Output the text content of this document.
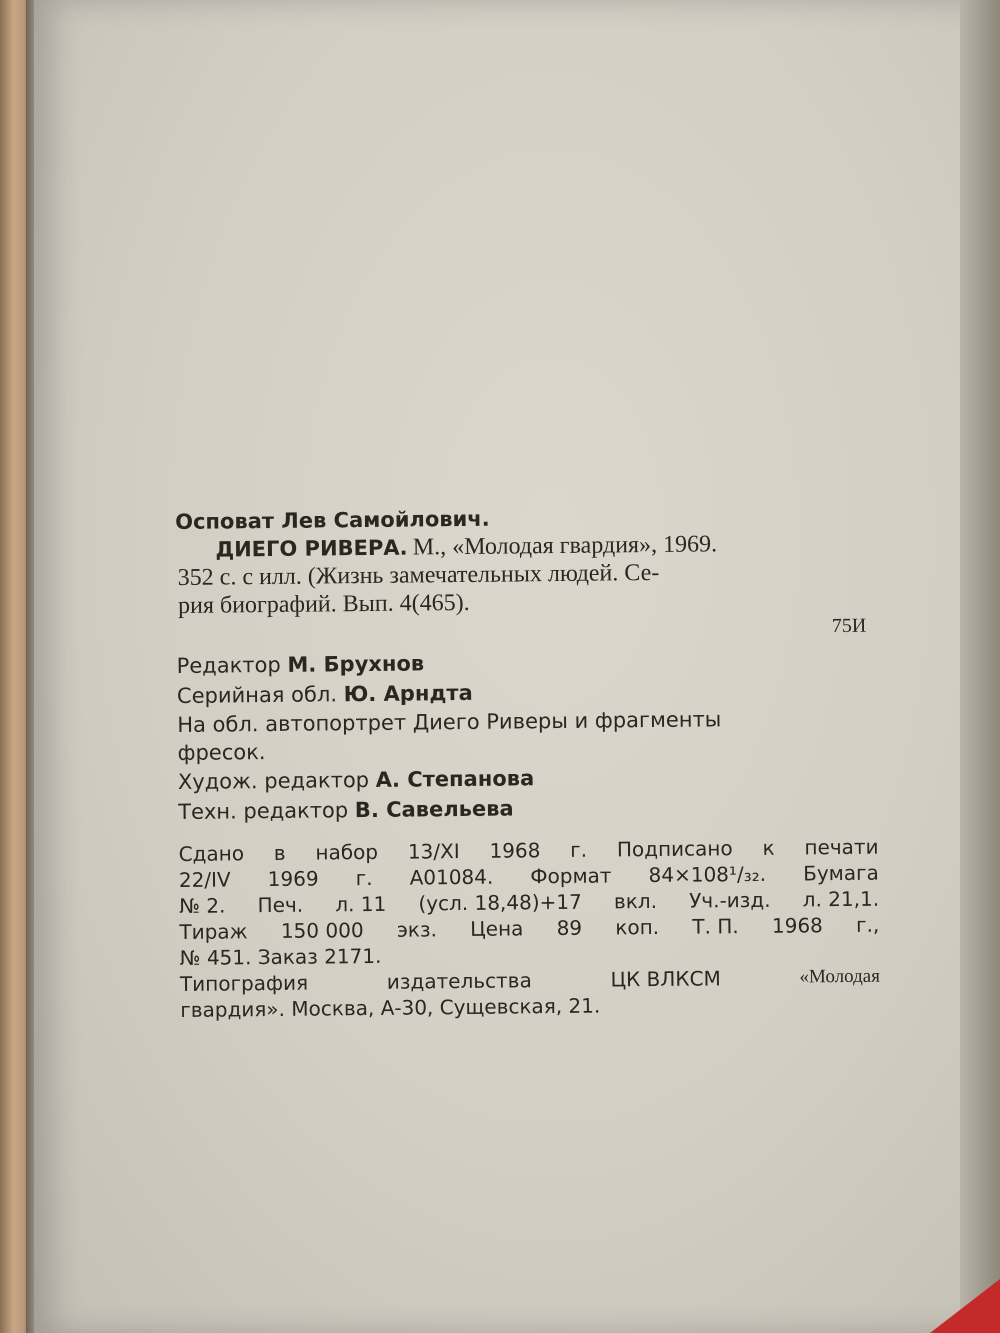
Осповат Лев Самойлович.
ДИЕГО РИВЕРА. М., «Молодая гвардия», 1969.
352 с. с илл. (Жизнь замечательных людей. Се-
рия биографий. Вып. 4(465).
75И
Редактор М. Брухнов
Серийная обл. Ю. Арндта
На обл. автопортрет Диего Риверы и фрагменты
фресок.
Худож. редактор А. Степанова
Техн. редактор В. Савельева
Сдано в набор 13/XI 1968 г. Подписано к печати
22/IV 1969 г. А01084. Формат 84×108¹/₃₂. Бумага
№ 2. Печ. л. 11 (усл. 18,48)+17 вкл. Уч.-изд. л. 21,1.
Тираж 150 000 экз. Цена 89 коп. Т. П. 1968 г.,
№ 451. Заказ 2171.
Типография	издательства	ЦК ВЛКСМ	«Молодая
гвардия». Москва, А-30, Сущевская, 21.
